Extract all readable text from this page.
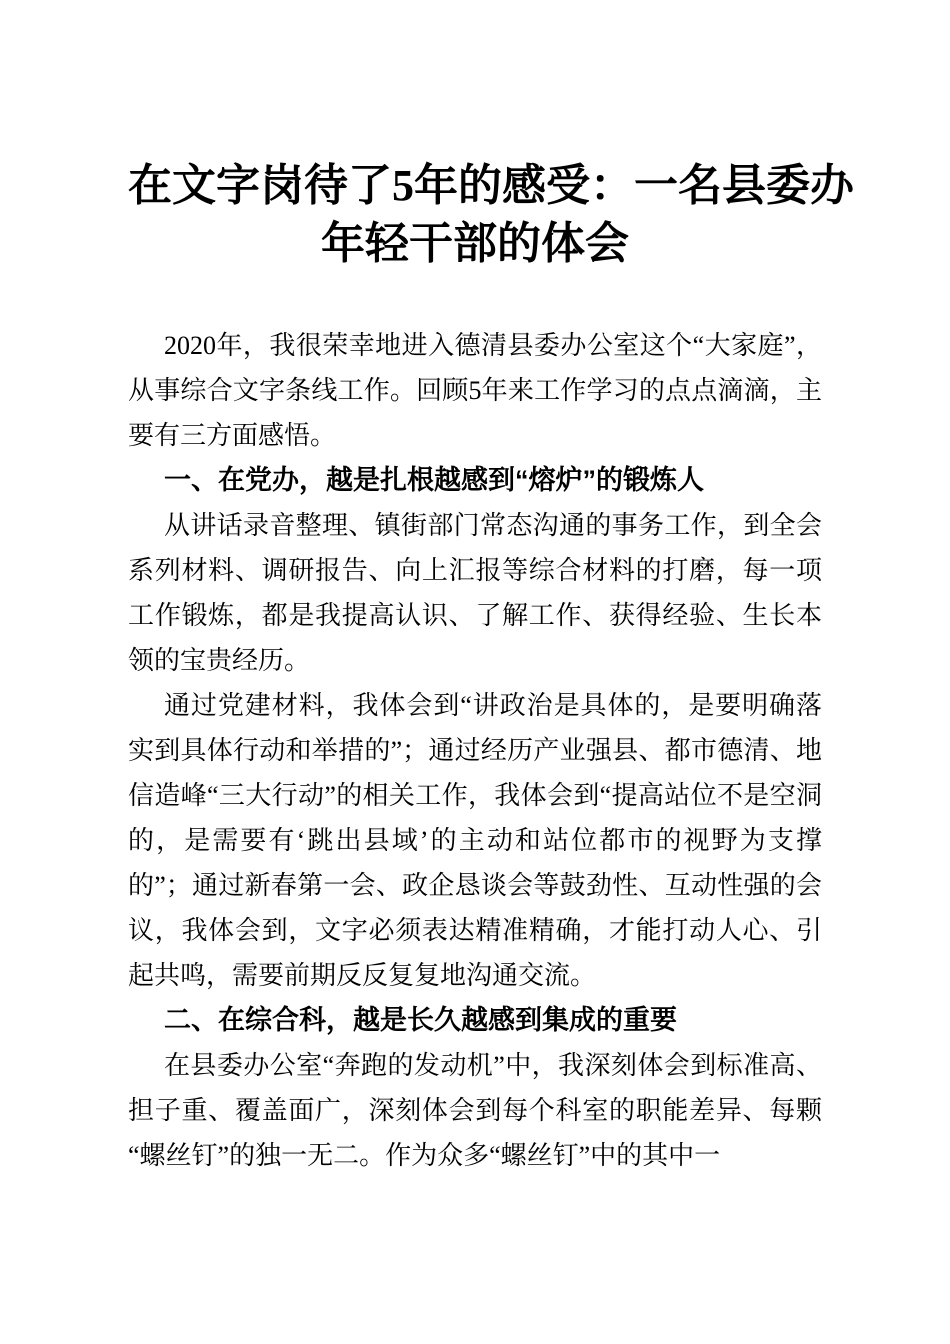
在文字岗待了5年的感受：一名县委办
年轻干部的体会

2020年，我很荣幸地进入德清县委办公室这个“大家庭”，从事综合文字条线工作。回顾5年来工作学习的点点滴滴，主要有三方面感悟。

一、在党办，越是扎根越感到“熔炉”的锻炼人

从讲话录音整理、镇街部门常态沟通的事务工作，到全会系列材料、调研报告、向上汇报等综合材料的打磨，每一项工作锻炼，都是我提高认识、了解工作、获得经验、生长本领的宝贵经历。

通过党建材料，我体会到“讲政治是具体的，是要明确落实到具体行动和举措的”；通过经历产业强县、都市德清、地信造峰“三大行动”的相关工作，我体会到“提高站位不是空洞的，是需要有‘跳出县域’的主动和站位都市的视野为支撑的”；通过新春第一会、政企恳谈会等鼓劲性、互动性强的会议，我体会到，文字必须表达精准精确，才能打动人心、引起共鸣，需要前期反反复复地沟通交流。

二、在综合科，越是长久越感到集成的重要

在县委办公室“奔跑的发动机”中，我深刻体会到标准高、担子重、覆盖面广，深刻体会到每个科室的职能差异、每颗“螺丝钉”的独一无二。作为众多“螺丝钉”中的其中一
